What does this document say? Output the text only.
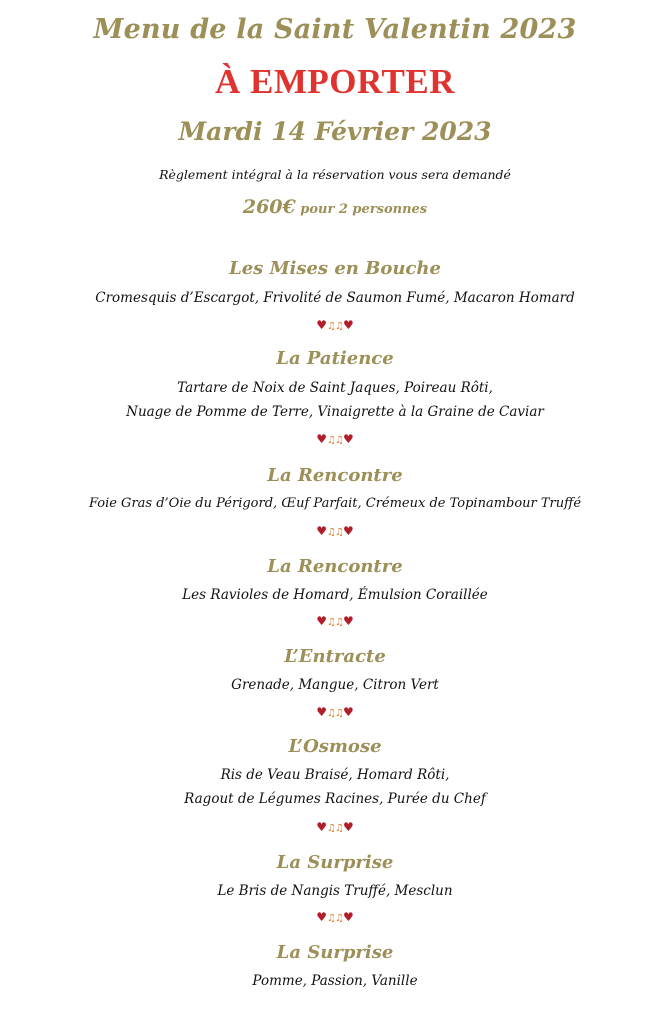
Menu de la Saint Valentin 2023
À EMPORTER
Mardi 14 Février 2023
Règlement intégral à la réservation vous sera demandé
260€ pour 2 personnes
Les Mises en Bouche
Cromesquis d’Escargot, Frivolité de Saumon Fumé, Macaron Homard
♥♫♫♥
La Patience
Tartare de Noix de Saint Jaques, Poireau Rôti,
Nuage de Pomme de Terre, Vinaigrette à la Graine de Caviar
♥♫♫♥
La Rencontre
Foie Gras d’Oie du Périgord, Œuf Parfait, Crémeux de Topinambour Truffé
♥♫♫♥
La Rencontre
Les Ravioles de Homard, Émulsion Coraillée
♥♫♫♥
L’Entracte
Grenade, Mangue, Citron Vert
♥♫♫♥
L’Osmose
Ris de Veau Braisé, Homard Rôti,
Ragout de Légumes Racines, Purée du Chef
♥♫♫♥
La Surprise
Le Bris de Nangis Truffé, Mesclun
♥♫♫♥
La Surprise
Pomme, Passion, Vanille
